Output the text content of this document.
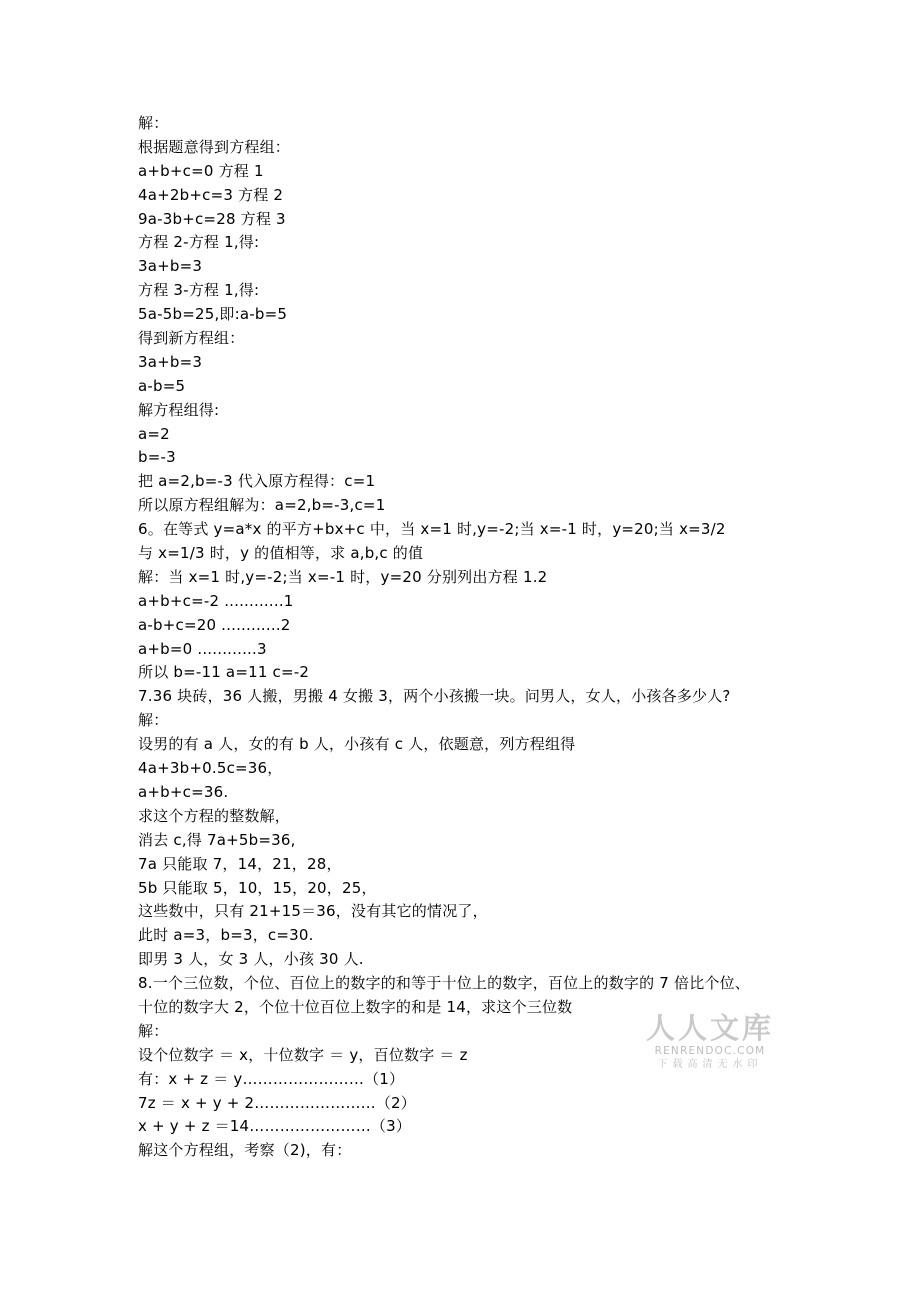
解：
根据题意得到方程组：
a+b+c=0 方程 1
4a+2b+c=3 方程 2
9a-3b+c=28 方程 3
方程 2-方程 1,得:
3a+b=3
方程 3-方程 1,得:
5a-5b=25,即:a-b=5
得到新方程组：
3a+b=3
a-b=5
解方程组得:
a=2
b=-3
把 a=2,b=-3 代入原方程得：c=1
所以原方程组解为：a=2,b=-3,c=1
6。在等式 y=a*x 的平方+bx+c 中，当 x=1 时,y=-2;当 x=-1 时，y=20;当 x=3/2
与 x=1/3 时，y 的值相等，求 a,b,c 的值
解：当 x=1 时,y=-2;当 x=-1 时，y=20 分别列出方程 1.2
a+b+c=-2 ............1
a-b+c=20 ............2
a+b=0 ............3
所以 b=-11 a=11 c=-2
7.36 块砖，36 人搬，男搬 4 女搬 3，两个小孩搬一块。问男人，女人，小孩各多少人?
解：
设男的有 a 人，女的有 b 人，小孩有 c 人，依题意，列方程组得
4a+3b+0.5c=36，
a+b+c=36.
求这个方程的整数解，
消去 c,得 7a+5b=36,
7a 只能取 7，14，21，28，
5b 只能取 5，10，15，20，25，
这些数中，只有 21+15＝36，没有其它的情况了，
此时 a=3，b=3，c=30.
即男 3 人，女 3 人，小孩 30 人.
8.一个三位数，个位、百位上的数字的和等于十位上的数字，百位上的数字的 7 倍比个位、
十位的数字大 2，个位十位百位上数字的和是 14，求这个三位数
解：
设个位数字 ＝ x，十位数字 ＝ y，百位数字 ＝ z
有：x + z ＝ y……………………（1）
7z ＝ x + y + 2……………………（2）
x + y + z ＝14……………………（3）
解这个方程组，考察（2)，有：
人人文库
RENRENDOC.COM
下载高清无水印
